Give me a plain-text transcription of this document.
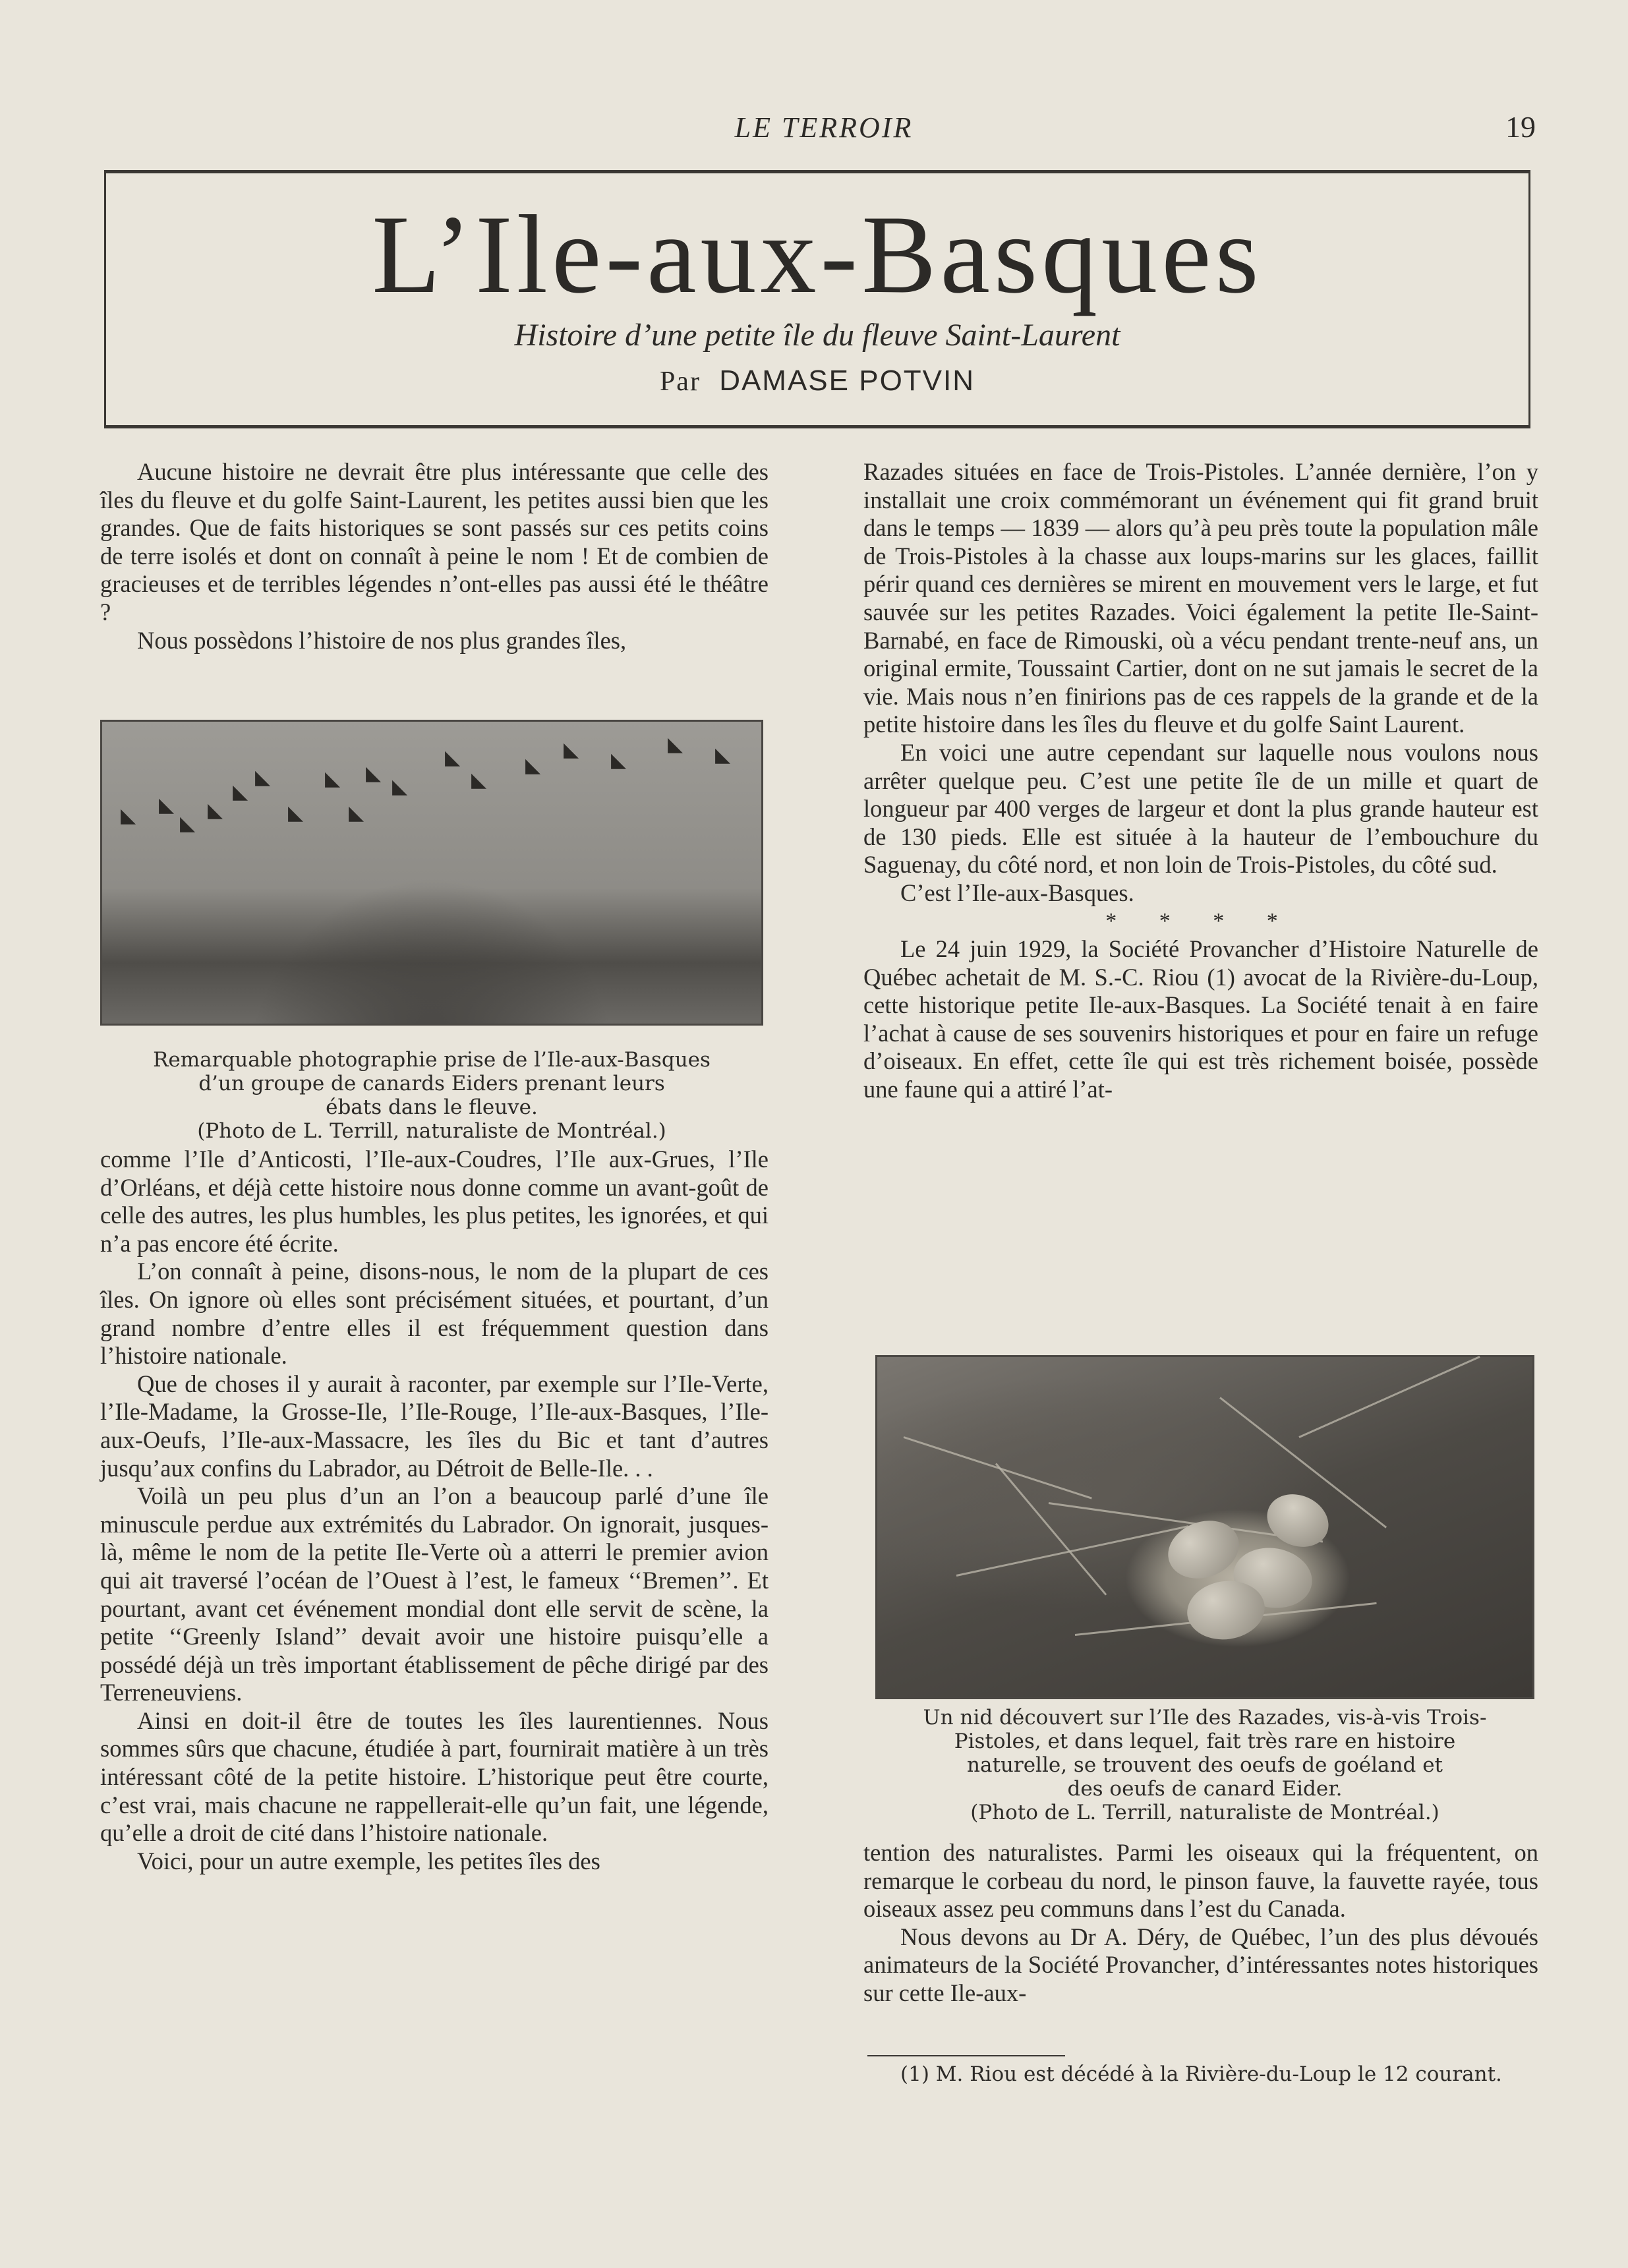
LE TERROIR	19
L’Ile-aux-Basques
Histoire d’une petite île du fleuve Saint-Laurent
Par DAMASE POTVIN

Aucune histoire ne devrait être plus intéressante que celle des îles du fleuve et du golfe Saint-Laurent, les petites aussi bien que les grandes. Que de faits historiques se sont passés sur ces petits coins de terre isolés et dont on connaît à peine le nom ! Et de combien de gracieuses et de terribles légendes n’ont-elles pas aussi été le théâtre ?

Nous possèdons l’histoire de nos plus grandes îles,

◣ ◣
◣
◣
◣
◣
◣
◣
◣
◣
◣
◣
◣
◣
◣ ◣
◣ ◣
Remarquable photographie prise de l’Ile-aux-Basques
d’un groupe de canards Eiders prenant leurs
ébats dans le fleuve.
(Photo de L. Terrill, naturaliste de Montréal.)

comme l’Ile d’Anticosti, l’Ile-aux-Coudres, l’Ile aux-Grues, l’Ile d’Orléans, et déjà cette histoire nous donne comme un avant-goût de celle des autres, les plus humbles, les plus petites, les ignorées, et qui n’a pas encore été écrite.

L’on connaît à peine, disons-nous, le nom de la plupart de ces îles. On ignore où elles sont précisément situées, et pourtant, d’un grand nombre d’entre elles il est fréquemment question dans l’histoire nationale.

Que de choses il y aurait à raconter, par exemple sur l’Ile-Verte, l’Ile-Madame, la Grosse-Ile, l’Ile-Rouge, l’Ile-aux-Basques, l’Ile-aux-Oeufs, l’Ile-aux-Massacre, les îles du Bic et tant d’autres jusqu’aux confins du Labrador, au Détroit de Belle-Ile. . .

Voilà un peu plus d’un an l’on a beaucoup parlé d’une île minuscule perdue aux extrémités du Labrador. On ignorait, jusques-là, même le nom de la petite Ile-Verte où a atterri le premier avion qui ait traversé l’océan de l’Ouest à l’est, le fameux ‘‘Bremen’’. Et pourtant, avant cet événement mondial dont elle servit de scène, la petite ‘‘Greenly Island’’ devait avoir une histoire puisqu’elle a possédé déjà un très important établissement de pêche dirigé par des Terreneuviens.

Ainsi en doit-il être de toutes les îles laurentiennes. Nous sommes sûrs que chacune, étudiée à part, fournirait matière à un très intéressant côté de la petite histoire. L’historique peut être courte, c’est vrai, mais chacune ne rappellerait-elle qu’un fait, une légende, qu’elle a droit de cité dans l’histoire nationale.

Voici, pour un autre exemple, les petites îles des

Razades situées en face de Trois-Pistoles. L’année dernière, l’on y installait une croix commémorant un événement qui fit grand bruit dans le temps — 1839 — alors qu’à peu près toute la population mâle de Trois-Pistoles à la chasse aux loups-marins sur les glaces, faillit périr quand ces dernières se mirent en mouvement vers le large, et fut sauvée sur les petites Razades. Voici également la petite Ile-Saint-Barnabé, en face de Rimouski, où a vécu pendant trente-neuf ans, un original ermite, Toussaint Cartier, dont on ne sut jamais le secret de la vie. Mais nous n’en finirions pas de ces rappels de la grande et de la petite histoire dans les îles du fleuve et du golfe Saint Laurent.

En voici une autre cependant sur laquelle nous voulons nous arrêter quelque peu. C’est une petite île de un mille et quart de longueur par 400 verges de largeur et dont la plus grande hauteur est de 130 pieds. Elle est située à la hauteur de l’embouchure du Saguenay, du côté nord, et non loin de Trois-Pistoles, du côté sud.

C’est l’Ile-aux-Basques.

* * * *

Le 24 juin 1929, la Société Provancher d’Histoire Naturelle de Québec achetait de M. S.-C. Riou (1) avocat de la Rivière-du-Loup, cette historique petite Ile-aux-Basques. La Société tenait à en faire l’achat à cause de ses souvenirs historiques et pour en faire un refuge d’oiseaux. En effet, cette île qui est très richement boisée, possède une faune qui a attiré l’at-

Un nid découvert sur l’Ile des Razades, vis-à-vis Trois-
Pistoles, et dans lequel, fait très rare en histoire
naturelle, se trouvent des oeufs de goéland et
des oeufs de canard Eider.
(Photo de L. Terrill, naturaliste de Montréal.)

tention des naturalistes. Parmi les oiseaux qui la fréquentent, on remarque le corbeau du nord, le pinson fauve, la fauvette rayée, tous oiseaux assez peu communs dans l’est du Canada.

Nous devons au Dr A. Déry, de Québec, l’un des plus dévoués animateurs de la Société Provancher, d’intéressantes notes historiques sur cette Ile-aux-

(1) M. Riou est décédé à la Rivière-du-Loup le 12 courant.
